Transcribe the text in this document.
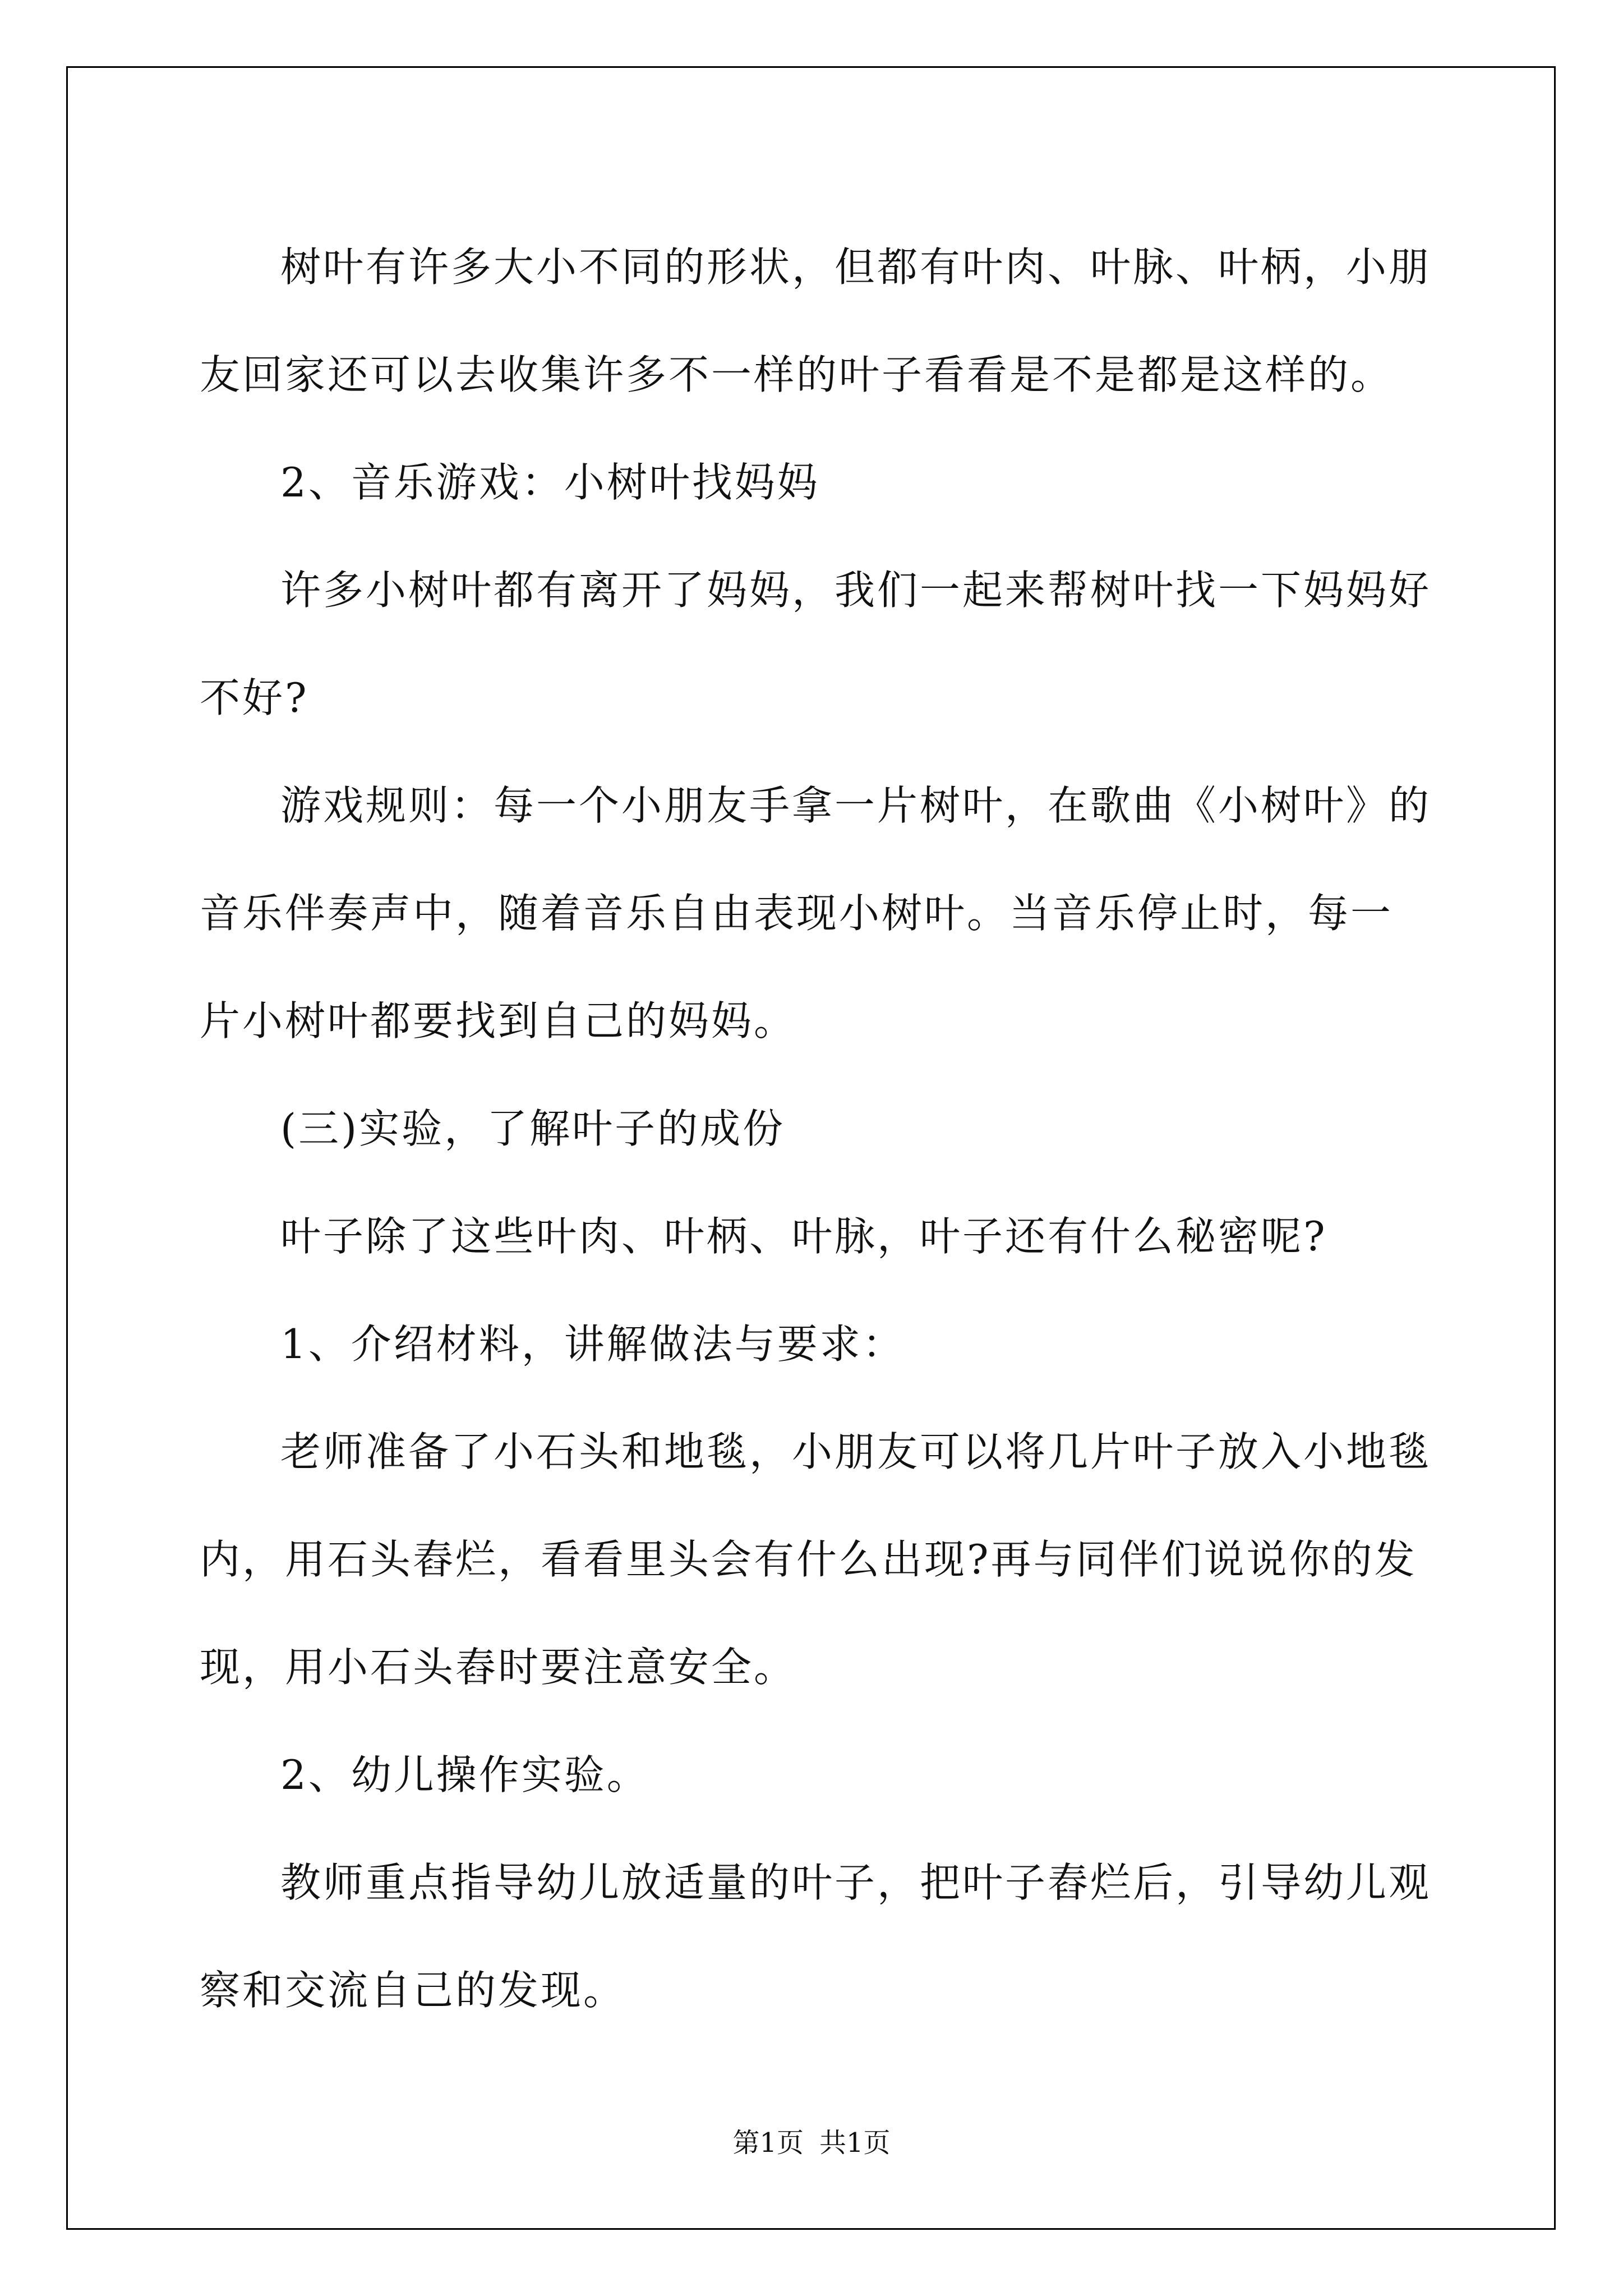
树叶有许多大小不同的形状，但都有叶肉、叶脉、叶柄，小朋友回家还可以去收集许多不一样的叶子看看是不是都是这样的。

2、音乐游戏：小树叶找妈妈

许多小树叶都有离开了妈妈，我们一起来帮树叶找一下妈妈好不好?

游戏规则：每一个小朋友手拿一片树叶，在歌曲《小树叶》的音乐伴奏声中，随着音乐自由表现小树叶。当音乐停止时，每一片小树叶都要找到自己的妈妈。

(三)实验，了解叶子的成份

叶子除了这些叶肉、叶柄、叶脉，叶子还有什么秘密呢?

1、介绍材料，讲解做法与要求：

老师准备了小石头和地毯，小朋友可以将几片叶子放入小地毯内，用石头舂烂，看看里头会有什么出现?再与同伴们说说你的发现，用小石头舂时要注意安全。

2、幼儿操作实验。

教师重点指导幼儿放适量的叶子，把叶子舂烂后，引导幼儿观察和交流自己的发现。

第1页 共1页
